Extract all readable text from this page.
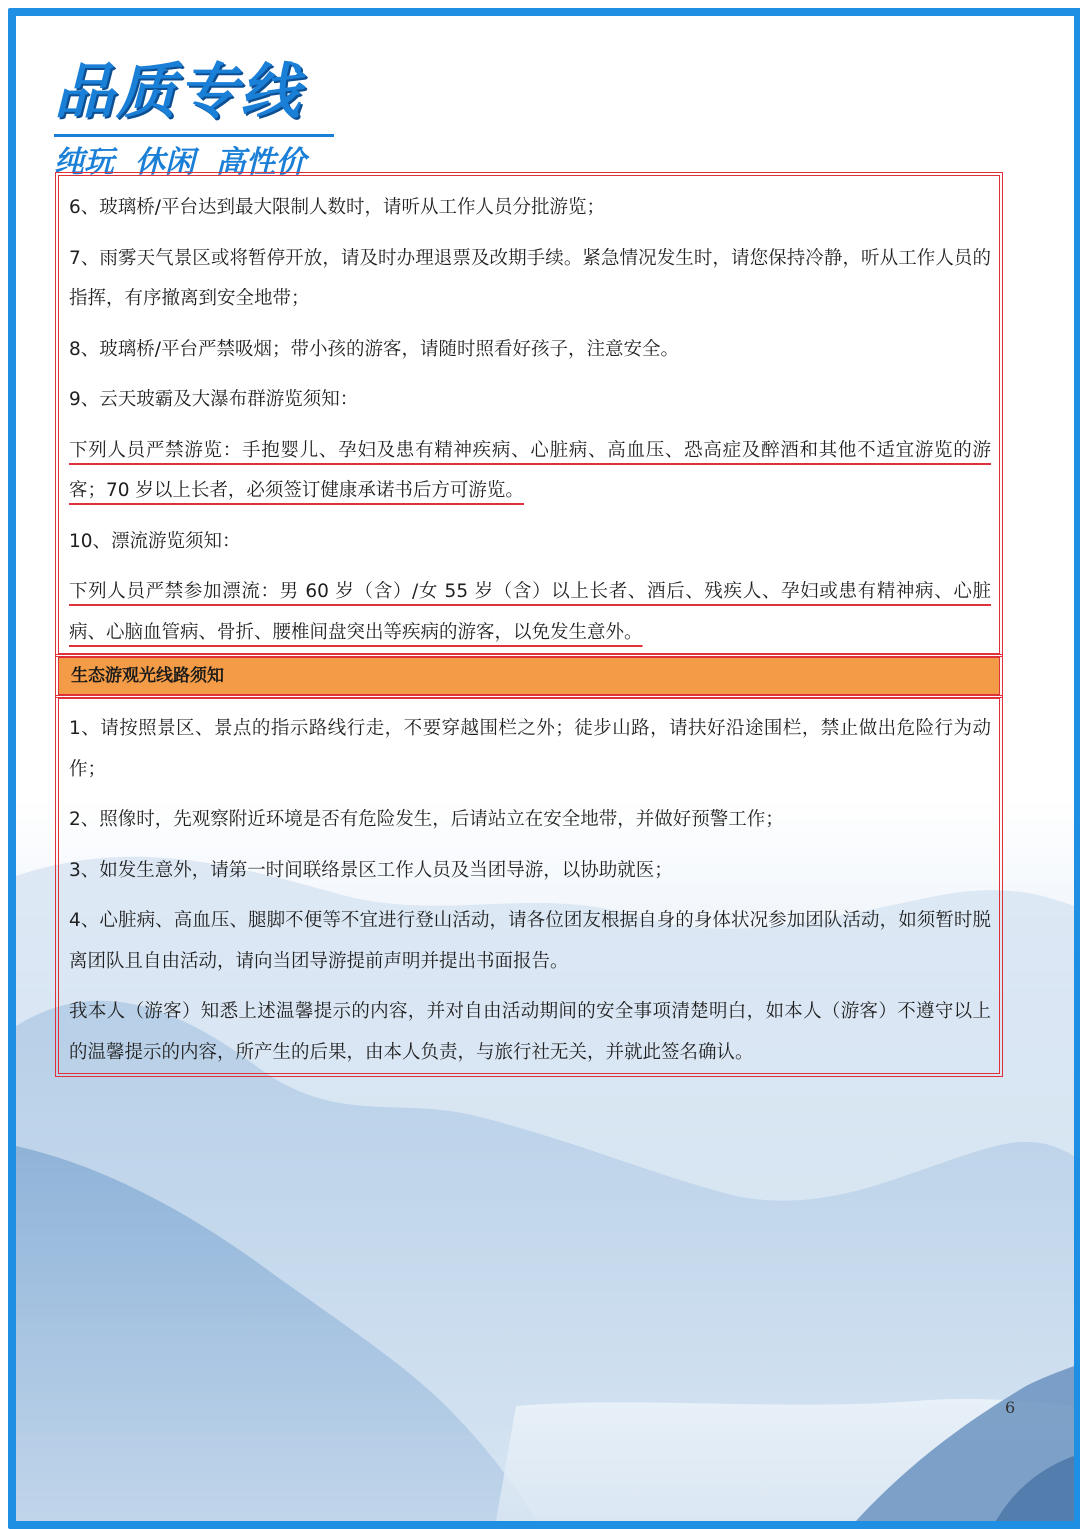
品质专线
纯玩  休闲  高性价

6、玻璃桥/平台达到最大限制人数时，请听从工作人员分批游览；

7、雨雾天气景区或将暂停开放，请及时办理退票及改期手续。紧急情况发生时，请您保持冷静，听从工作人员的指挥，有序撤离到安全地带；

8、玻璃桥/平台严禁吸烟；带小孩的游客，请随时照看好孩子，注意安全。

9、云天玻霸及大瀑布群游览须知：

下列人员严禁游览：手抱婴儿、孕妇及患有精神疾病、心脏病、高血压、恐高症及醉酒和其他不适宜游览的游客；70 岁以上长者，必须签订健康承诺书后方可游览。

10、漂流游览须知：

下列人员严禁参加漂流：男 60 岁（含）/女 55 岁（含）以上长者、酒后、残疾人、孕妇或患有精神病、心脏病、心脑血管病、骨折、腰椎间盘突出等疾病的游客，以免发生意外。

生态游观光线路须知

1、请按照景区、景点的指示路线行走，不要穿越围栏之外；徒步山路，请扶好沿途围栏，禁止做出危险行为动作；

2、照像时，先观察附近环境是否有危险发生，后请站立在安全地带，并做好预警工作；

3、如发生意外，请第一时间联络景区工作人员及当团导游，以协助就医；

4、心脏病、高血压、腿脚不便等不宜进行登山活动，请各位团友根据自身的身体状况参加团队活动，如须暂时脱离团队且自由活动，请向当团导游提前声明并提出书面报告。

我本人（游客）知悉上述温馨提示的内容，并对自由活动期间的安全事项清楚明白，如本人（游客）不遵守以上的温馨提示的内容，所产生的后果，由本人负责，与旅行社无关，并就此签名确认。

6
